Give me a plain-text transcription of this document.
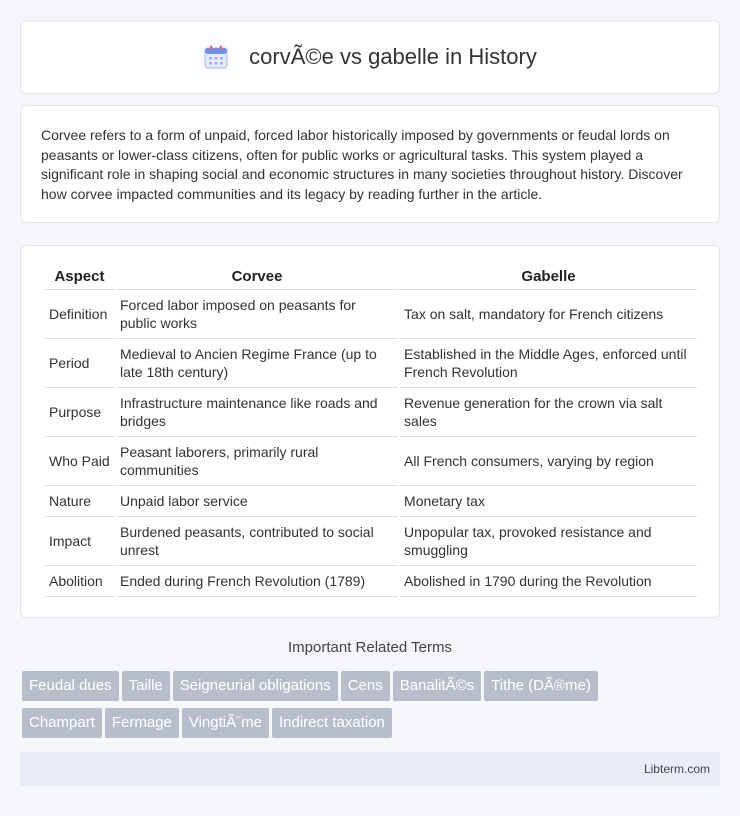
corvÃ©e vs gabelle in History

Corvee refers to a form of unpaid, forced labor historically imposed by governments or feudal lords on peasants or lower-class citizens, often for public works or agricultural tasks. This system played a significant role in shaping social and economic structures in many societies throughout history. Discover how corvee impacted communities and its legacy by reading further in the article.

Aspect	Corvee	Gabelle
Definition	Forced labor imposed on peasants for public works	Tax on salt, mandatory for French citizens
Period	Medieval to Ancien Regime France (up to late 18th century)	Established in the Middle Ages, enforced until French Revolution
Purpose	Infrastructure maintenance like roads and bridges	Revenue generation for the crown via salt sales
Who Paid	Peasant laborers, primarily rural communities	All French consumers, varying by region
Nature	Unpaid labor service	Monetary tax
Impact	Burdened peasants, contributed to social unrest	Unpopular tax, provoked resistance and smuggling
Abolition	Ended during French Revolution (1789)	Abolished in 1790 during the Revolution
Important Related Terms
Feudal dues Taille Seigneurial obligations Cens BanalitÃ©s Tithe (DÃ®me)
Champart Fermage VingtiÃ¨me Indirect taxation
Libterm.com
